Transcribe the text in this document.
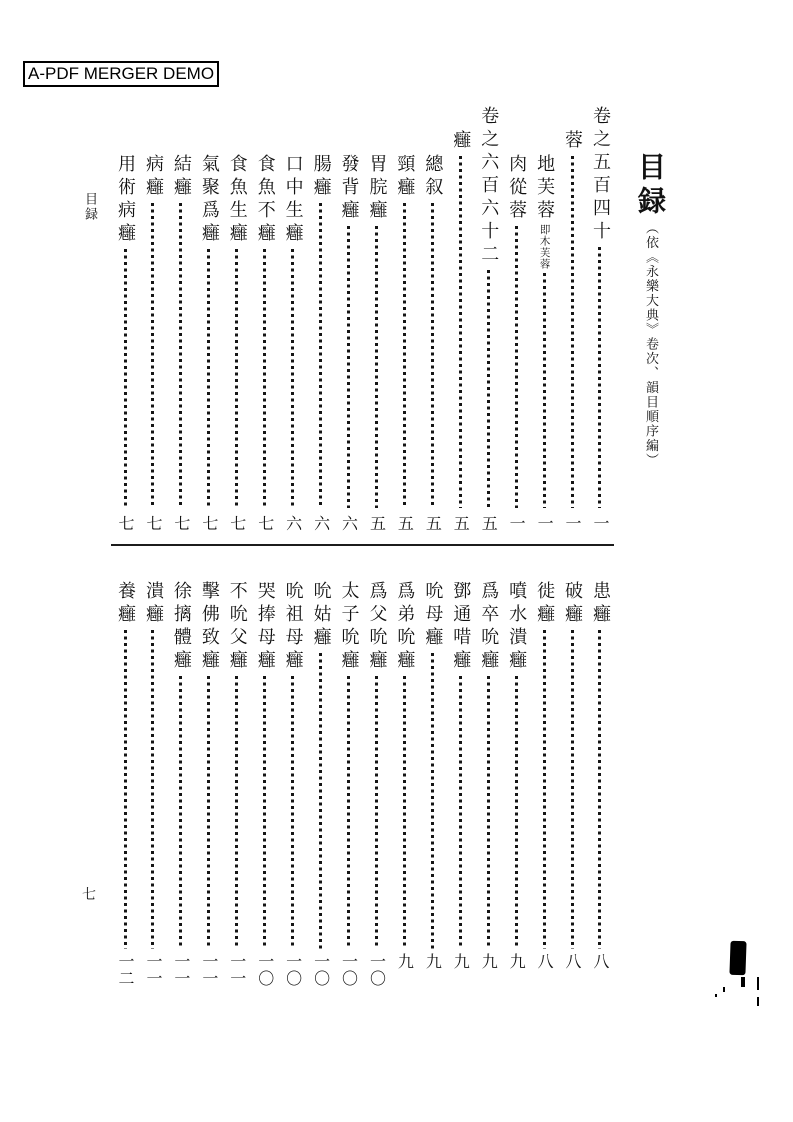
A-PDF MERGER DEMO
目録
七
目録
（依《永樂大典》卷次、韻目順序編）
卷之五百四十
蓉
地芙蓉
即木芙蓉
肉從蓉
卷之六百六十二
癰
總叙
頸癰
胃脘癰
發背癰
腸癰
口中生癰
食魚不癰
食魚生癰
氣聚爲癰
結癰
病癰
用術病癰
一
一
一
一
五
五
五
五
五
六
六
六
七
七
七
七
七
七
患癰
破癰
徙癰
噴水潰癰
爲卒吮癰
鄧通唶癰
吮母癰
爲弟吮癰
爲父吮癰
太子吮癰
吮姑癰
吮祖母癰
哭捧母癰
不吮父癰
擊佛致癰
徐摛體癰
潰癰
養癰
八
八
八
九
九
九
九
九
一〇
一〇
一〇
一〇
一〇
一一
一一
一一
一一
一二
